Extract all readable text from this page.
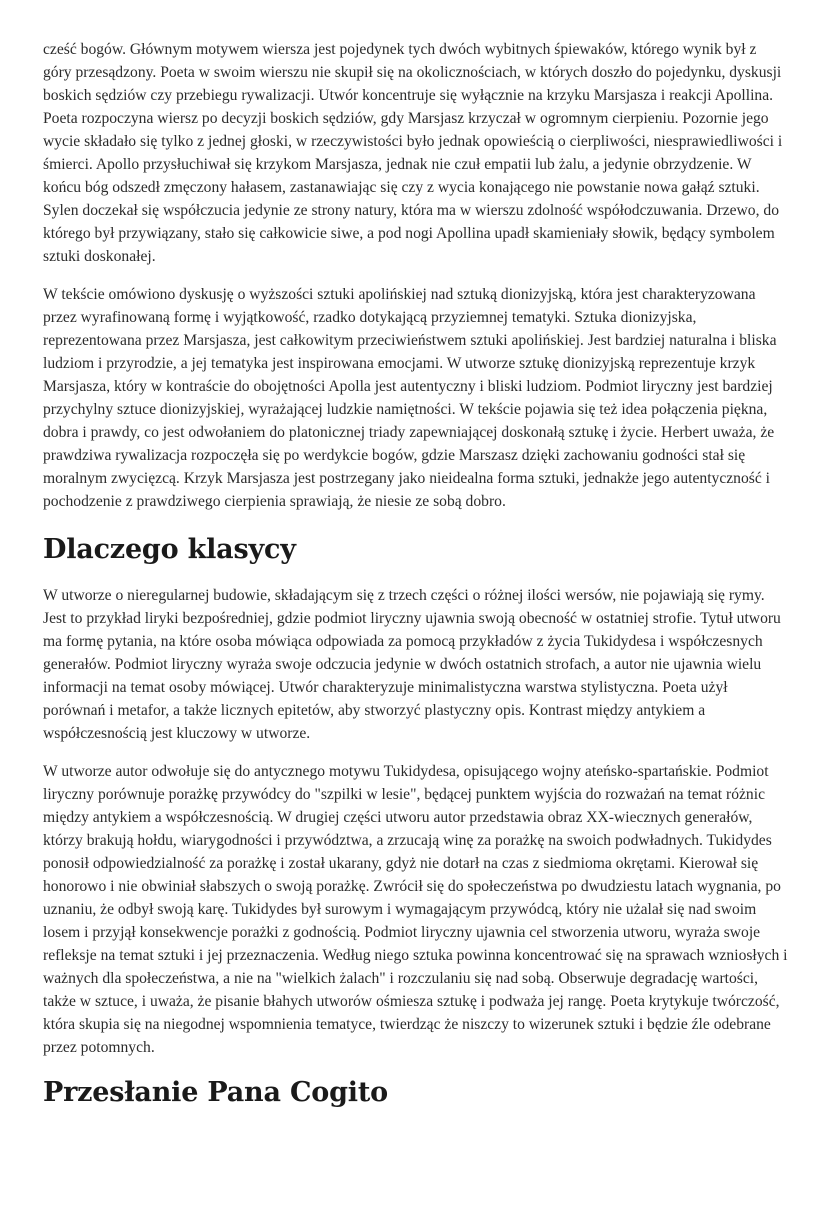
cześć bogów. Głównym motywem wiersza jest pojedynek tych dwóch wybitnych śpiewaków, którego wynik był z góry przesądzony. Poeta w swoim wierszu nie skupił się na okolicznościach, w których doszło do pojedynku, dyskusji boskich sędziów czy przebiegu rywalizacji. Utwór koncentruje się wyłącznie na krzyku Marsjasza i reakcji Apollina. Poeta rozpoczyna wiersz po decyzji boskich sędziów, gdy Marsjasz krzyczał w ogromnym cierpieniu. Pozornie jego wycie składało się tylko z jednej głoski, w rzeczywistości było jednak opowieścią o cierpliwości, niesprawiedliwości i śmierci. Apollo przysłuchiwał się krzykom Marsjasza, jednak nie czuł empatii lub żalu, a jedynie obrzydzenie. W końcu bóg odszedł zmęczony hałasem, zastanawiając się czy z wycia konającego nie powstanie nowa gałąź sztuki. Sylen doczekał się współczucia jedynie ze strony natury, która ma w wierszu zdolność współodczuwania. Drzewo, do którego był przywiązany, stało się całkowicie siwe, a pod nogi Apollina upadł skamieniały słowik, będący symbolem sztuki doskonałej.

W tekście omówiono dyskusję o wyższości sztuki apolińskiej nad sztuką dionizyjską, która jest charakteryzowana przez wyrafinowaną formę i wyjątkowość, rzadko dotykającą przyziemnej tematyki. Sztuka dionizyjska, reprezentowana przez Marsjasza, jest całkowitym przeciwieństwem sztuki apolińskiej. Jest bardziej naturalna i bliska ludziom i przyrodzie, a jej tematyka jest inspirowana emocjami. W utworze sztukę dionizyjską reprezentuje krzyk Marsjasza, który w kontraście do obojętności Apolla jest autentyczny i bliski ludziom. Podmiot liryczny jest bardziej przychylny sztuce dionizyjskiej, wyrażającej ludzkie namiętności. W tekście pojawia się też idea połączenia piękna, dobra i prawdy, co jest odwołaniem do platonicznej triady zapewniającej doskonałą sztukę i życie. Herbert uważa, że prawdziwa rywalizacja rozpoczęła się po werdykcie bogów, gdzie Marszasz dzięki zachowaniu godności stał się moralnym zwycięzcą. Krzyk Marsjasza jest postrzegany jako nieidealna forma sztuki, jednakże jego autentyczność i pochodzenie z prawdziwego cierpienia sprawiają, że niesie ze sobą dobro.

Dlaczego klasycy

W utworze o nieregularnej budowie, składającym się z trzech części o różnej ilości wersów, nie pojawiają się rymy. Jest to przykład liryki bezpośredniej, gdzie podmiot liryczny ujawnia swoją obecność w ostatniej strofie. Tytuł utworu ma formę pytania, na które osoba mówiąca odpowiada za pomocą przykładów z życia Tukidydesa i współczesnych generałów. Podmiot liryczny wyraża swoje odczucia jedynie w dwóch ostatnich strofach, a autor nie ujawnia wielu informacji na temat osoby mówiącej. Utwór charakteryzuje minimalistyczna warstwa stylistyczna. Poeta użył porównań i metafor, a także licznych epitetów, aby stworzyć plastyczny opis. Kontrast między antykiem a współczesnością jest kluczowy w utworze.

W utworze autor odwołuje się do antycznego motywu Tukidydesa, opisującego wojny ateńsko-spartańskie. Podmiot liryczny porównuje porażkę przywódcy do "szpilki w lesie", będącej punktem wyjścia do rozważań na temat różnic między antykiem a współczesnością. W drugiej części utworu autor przedstawia obraz XX-wiecznych generałów, którzy brakują hołdu, wiarygodności i przywództwa, a zrzucają winę za porażkę na swoich podwładnych. Tukidydes ponosił odpowiedzialność za porażkę i został ukarany, gdyż nie dotarł na czas z siedmioma okrętami. Kierował się honorowo i nie obwiniał słabszych o swoją porażkę. Zwrócił się do społeczeństwa po dwudziestu latach wygnania, po uznaniu, że odbył swoją karę. Tukidydes był surowym i wymagającym przywódcą, który nie użalał się nad swoim losem i przyjął konsekwencje porażki z godnością. Podmiot liryczny ujawnia cel stworzenia utworu, wyraża swoje refleksje na temat sztuki i jej przeznaczenia. Według niego sztuka powinna koncentrować się na sprawach wzniosłych i ważnych dla społeczeństwa, a nie na "wielkich żalach" i rozczulaniu się nad sobą. Obserwuje degradację wartości, także w sztuce, i uważa, że pisanie błahych utworów ośmiesza sztukę i podważa jej rangę. Poeta krytykuje twórczość, która skupia się na niegodnej wspomnienia tematyce, twierdząc że niszczy to wizerunek sztuki i będzie źle odebrane przez potomnych.

Przesłanie Pana Cogito
